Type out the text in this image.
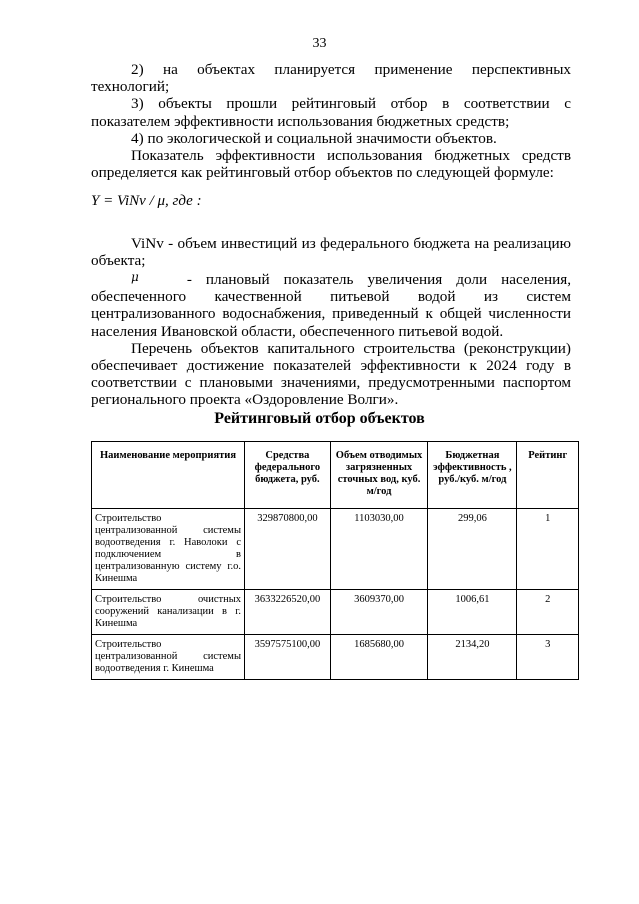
33

2) на объектах планируется применение перспективных технологий;

3) объекты прошли рейтинговый отбор в соответствии с показателем эффективности использования бюджетных средств;

4) по экологической и социальной значимости объектов.

Показатель эффективности использования бюджетных средств определяется как рейтинговый отбор объектов по следующей формуле:

Y = ViNv / μ, где :

ViNv - объем инвестиций из федерального бюджета на реализацию объекта;

μ	- плановый показатель увеличения доли населения, обеспеченного качественной питьевой водой из систем централизованного водоснабжения, приведенный к общей численности населения Ивановской области, обеспеченного питьевой водой.

Перечень объектов капитального строительства (реконструкции) обеспечивает достижение показателей эффективности к 2024 году в соответствии с плановыми значениями, предусмотренными паспортом регионального проекта «Оздоровление Волги».

Рейтинговый отбор объектов
Наименование мероприятия	Средства федерального бюджета, руб.	Объем отводимых загрязненных сточных вод, куб. м/год	Бюджетная эффективность , руб./куб. м/год	Рейтинг
Строительство централизованной системы водоотведения г. Наволоки с подключением в централизованную систему г.о. Кинешма	329870800,00	1103030,00	299,06	1
Строительство очистных сооружений канализации в г. Кинешма	3633226520,00	3609370,00	1006,61	2
Строительство централизованной системы водоотведения г. Кинешма	3597575100,00	1685680,00	2134,20	3
